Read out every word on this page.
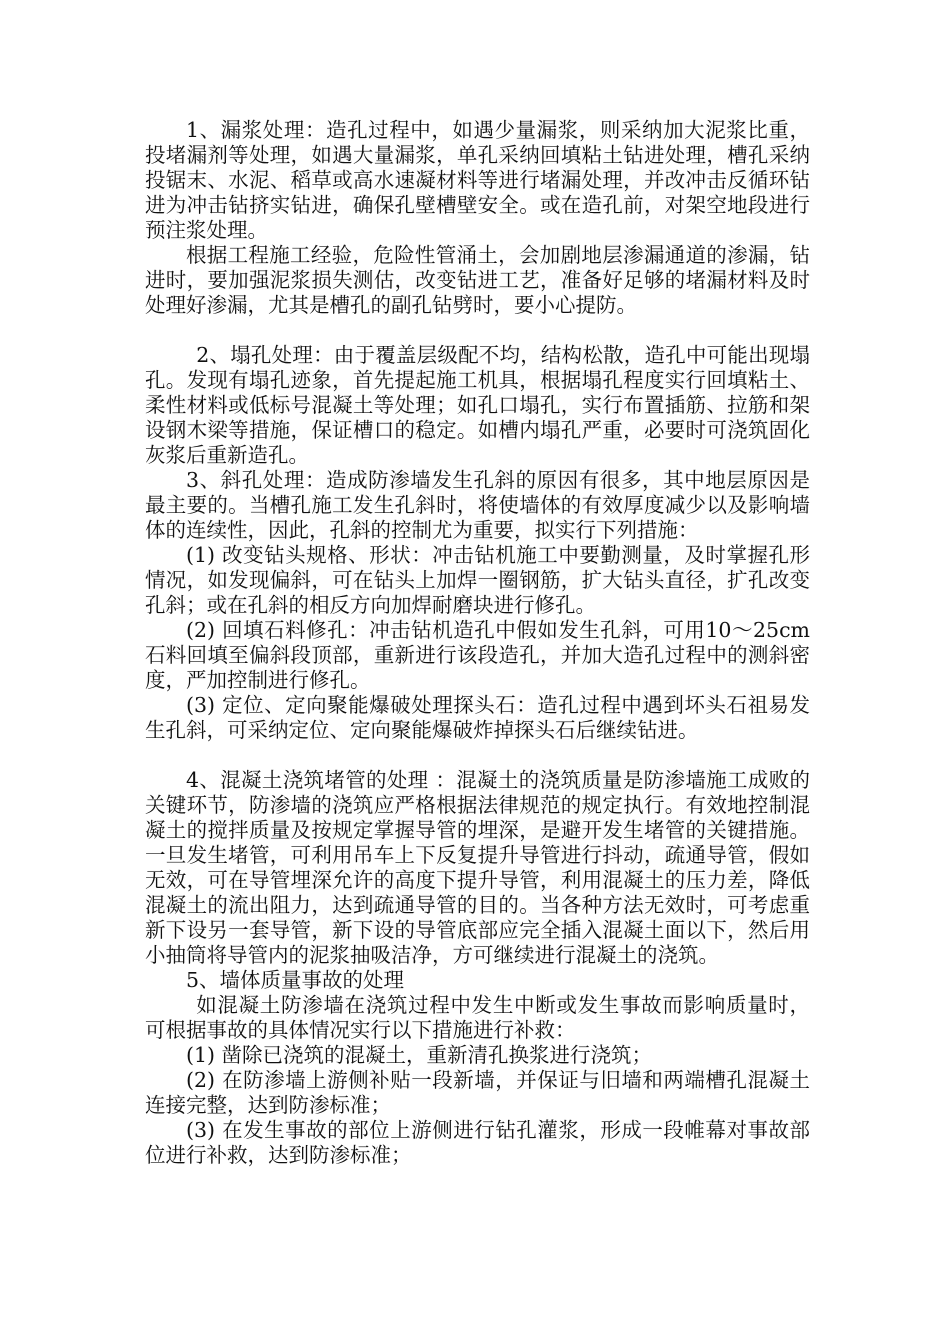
1、漏浆处理：造孔过程中，如遇少量漏浆，则采纳加大泥浆比重，投堵漏剂等处理，如遇大量漏浆，单孔采纳回填粘土钻进处理，槽孔采纳投锯末、水泥、稻草或高水速凝材料等进行堵漏处理，并改冲击反循环钻进为冲击钻挤实钻进，确保孔壁槽壁安全。或在造孔前，对架空地段进行预注浆处理。

根据工程施工经验，危险性管涌土，会加剧地层渗漏通道的渗漏，钻进时，要加强泥浆损失测估，改变钻进工艺，准备好足够的堵漏材料及时处理好渗漏，尤其是槽孔的副孔钻劈时，要小心提防。

2、塌孔处理：由于覆盖层级配不均，结构松散，造孔中可能出现塌孔。发现有塌孔迹象，首先提起施工机具，根据塌孔程度实行回填粘土、柔性材料或低标号混凝土等处理；如孔口塌孔，实行布置插筋、拉筋和架设钢木梁等措施，保证槽口的稳定。如槽内塌孔严重，必要时可浇筑固化灰浆后重新造孔。

3、斜孔处理：造成防渗墙发生孔斜的原因有很多，其中地层原因是最主要的。当槽孔施工发生孔斜时，将使墙体的有效厚度减少以及影响墙体的连续性，因此，孔斜的控制尤为重要，拟实行下列措施：

(1) 改变钻头规格、形状：冲击钻机施工中要勤测量，及时掌握孔形情况，如发现偏斜，可在钻头上加焊一圈钢筋，扩大钻头直径，扩孔改变孔斜；或在孔斜的相反方向加焊耐磨块进行修孔。

(2) 回填石料修孔：冲击钻机造孔中假如发生孔斜，可用10～25cm石料回填至偏斜段顶部，重新进行该段造孔，并加大造孔过程中的测斜密度，严加控制进行修孔。

(3) 定位、定向聚能爆破处理探头石：造孔过程中遇到坏头石祖易发生孔斜，可采纳定位、定向聚能爆破炸掉探头石后继续钻进。

4、混凝土浇筑堵管的处理 ：混凝土的浇筑质量是防渗墙施工成败的关键环节，防渗墙的浇筑应严格根据法律规范的规定执行。有效地控制混凝土的搅拌质量及按规定掌握导管的埋深，是避开发生堵管的关键措施。一旦发生堵管，可利用吊车上下反复提升导管进行抖动，疏通导管，假如无效，可在导管埋深允许的高度下提升导管，利用混凝土的压力差，降低混凝土的流出阻力，达到疏通导管的目的。当各种方法无效时，可考虑重新下设另一套导管，新下设的导管底部应完全插入混凝土面以下，然后用小抽筒将导管内的泥浆抽吸洁净，方可继续进行混凝土的浇筑。

5、墙体质量事故的处理

如混凝土防渗墙在浇筑过程中发生中断或发生事故而影响质量时，可根据事故的具体情况实行以下措施进行补救：

(1) 凿除已浇筑的混凝土，重新清孔换浆进行浇筑；

(2) 在防渗墙上游侧补贴一段新墙，并保证与旧墙和两端槽孔混凝土连接完整，达到防渗标准；

(3) 在发生事故的部位上游侧进行钻孔灌浆，形成一段帷幕对事故部位进行补救，达到防渗标准；
